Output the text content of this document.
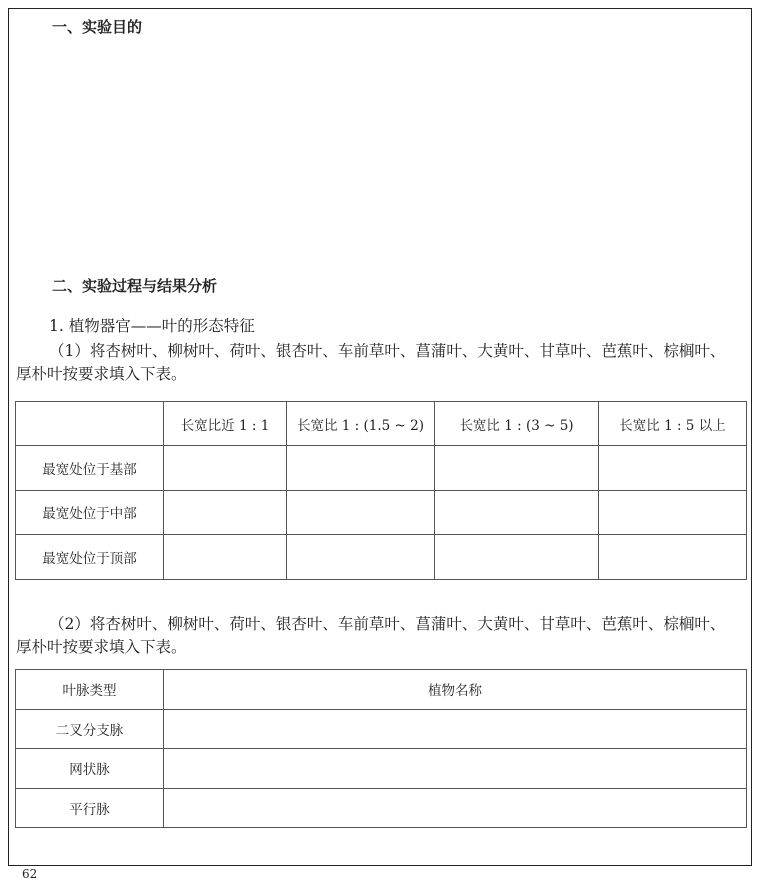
一、实验目的
二、实验过程与结果分析

1. 植物器官——叶的形态特征

（1）将杏树叶、柳树叶、荷叶、银杏叶、车前草叶、菖蒲叶、大黄叶、甘草叶、芭蕉叶、棕榈叶、
厚朴叶按要求填入下表。

	长宽比近 1 : 1	长宽比 1 : (1.5 ~ 2)	长宽比 1 : (3 ~ 5)	长宽比 1 : 5 以上
最宽处位于基部				
最宽处位于中部				
最宽处位于顶部				

（2）将杏树叶、柳树叶、荷叶、银杏叶、车前草叶、菖蒲叶、大黄叶、甘草叶、芭蕉叶、棕榈叶、
厚朴叶按要求填入下表。

叶脉类型	植物名称
二叉分支脉	
网状脉	
平行脉	
62
